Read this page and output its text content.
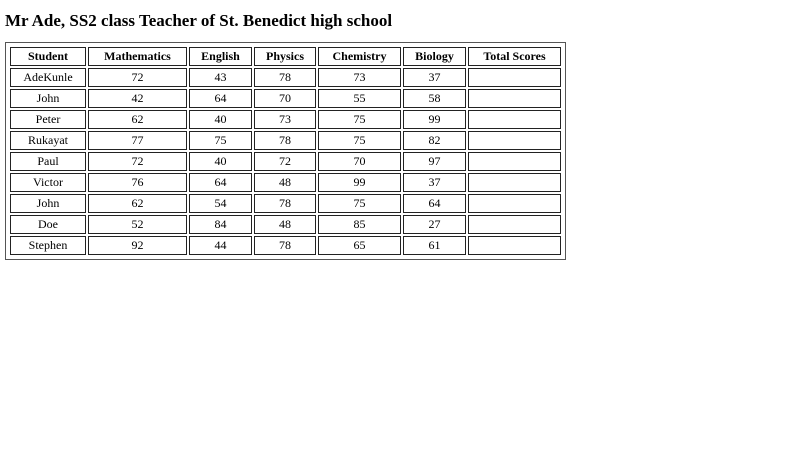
Mr Ade, SS2 class Teacher of St. Benedict high school
Student	Mathematics	English	Physics	Chemistry	Biology	Total Scores
AdeKunle	72	43	78	73	37	
John	42	64	70	55	58	
Peter	62	40	73	75	99	
Rukayat	77	75	78	75	82	
Paul	72	40	72	70	97	
Victor	76	64	48	99	37	
John	62	54	78	75	64	
Doe	52	84	48	85	27	
Stephen	92	44	78	65	61	
